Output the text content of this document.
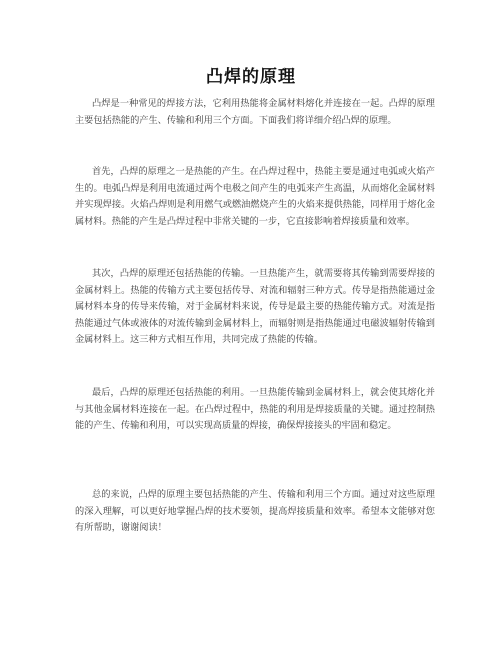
凸焊的原理

凸焊是一种常见的焊接方法，它利用热能将金属材料熔化并连接在一起。凸焊的原理主要包括热能的产生、传输和利用三个方面。下面我们将详细介绍凸焊的原理。

首先，凸焊的原理之一是热能的产生。在凸焊过程中，热能主要是通过电弧或火焰产生的。电弧凸焊是利用电流通过两个电极之间产生的电弧来产生高温，从而熔化金属材料并实现焊接。火焰凸焊则是利用燃气或燃油燃烧产生的火焰来提供热能，同样用于熔化金属材料。热能的产生是凸焊过程中非常关键的一步，它直接影响着焊接质量和效率。

其次，凸焊的原理还包括热能的传输。一旦热能产生，就需要将其传输到需要焊接的金属材料上。热能的传输方式主要包括传导、对流和辐射三种方式。传导是指热能通过金属材料本身的传导来传输，对于金属材料来说，传导是最主要的热能传输方式。对流是指热能通过气体或液体的对流传输到金属材料上，而辐射则是指热能通过电磁波辐射传输到金属材料上。这三种方式相互作用，共同完成了热能的传输。

最后，凸焊的原理还包括热能的利用。一旦热能传输到金属材料上，就会使其熔化并与其他金属材料连接在一起。在凸焊过程中，热能的利用是焊接质量的关键。通过控制热能的产生、传输和利用，可以实现高质量的焊接，确保焊接接头的牢固和稳定。

总的来说，凸焊的原理主要包括热能的产生、传输和利用三个方面。通过对这些原理的深入理解，可以更好地掌握凸焊的技术要领，提高焊接质量和效率。希望本文能够对您有所帮助，谢谢阅读！
